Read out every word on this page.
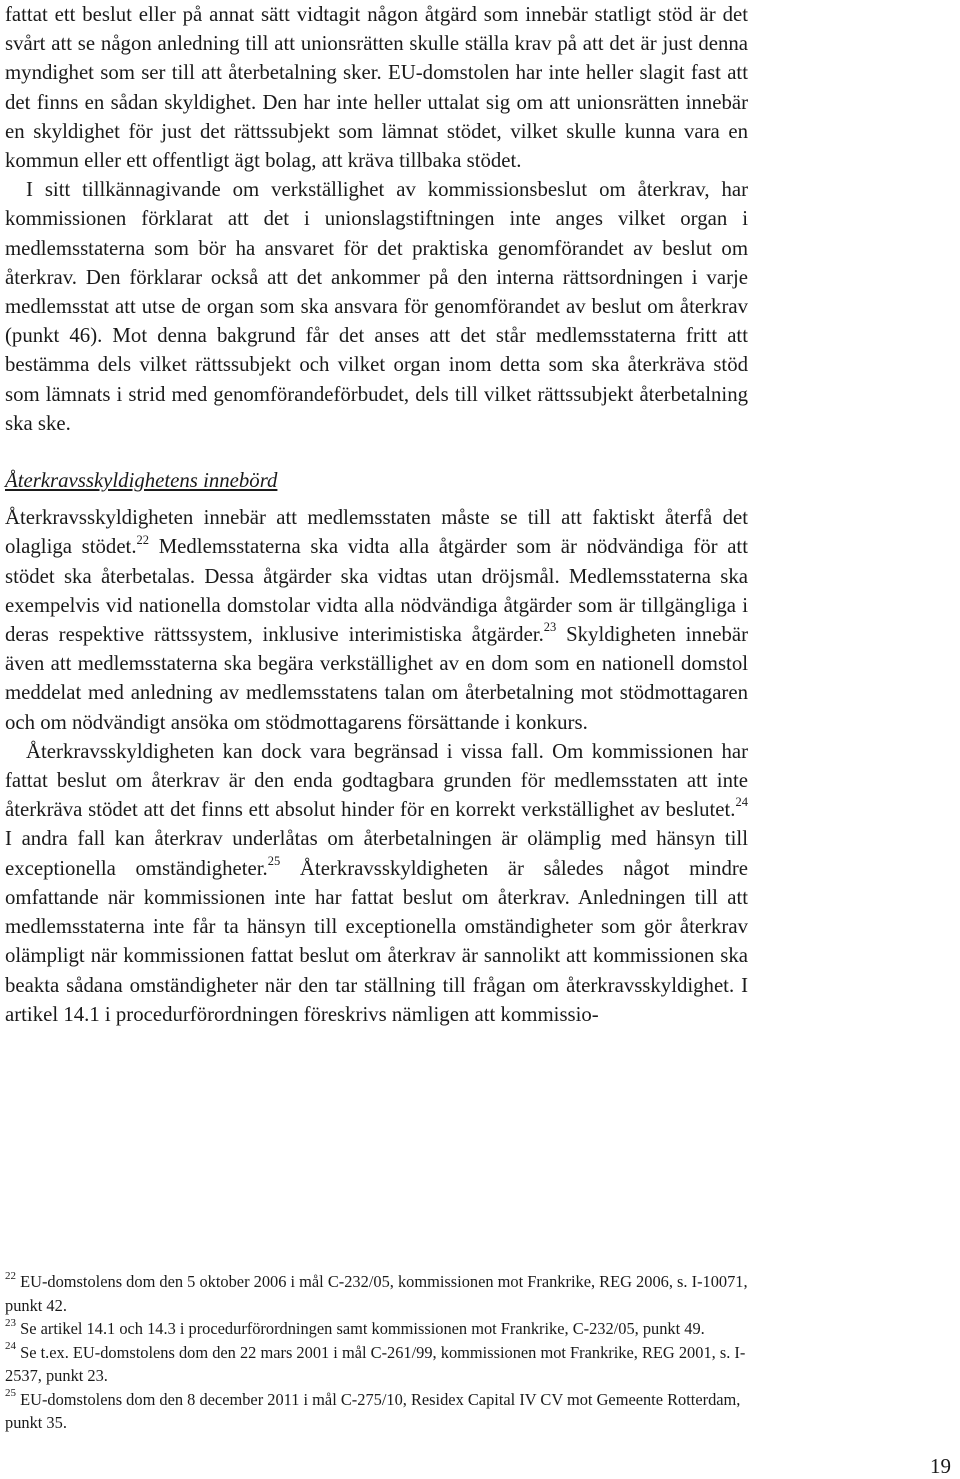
fattat ett beslut eller på annat sätt vidtagit någon åtgärd som innebär statligt stöd är det svårt att se någon anledning till att unionsrätten skulle ställa krav på att det är just denna myndighet som ser till att återbetalning sker. EU-domstolen har inte heller slagit fast att det finns en sådan skyldighet. Den har inte heller uttalat sig om att unionsrätten innebär en skyldighet för just det rättssubjekt som lämnat stödet, vilket skulle kunna vara en kommun eller ett offentligt ägt bolag, att kräva tillbaka stödet.

I sitt tillkännagivande om verkställighet av kommissionsbeslut om återkrav, har kommissionen förklarat att det i unionslagstiftningen inte anges vilket organ i medlemsstaterna som bör ha ansvaret för det praktiska genomförandet av beslut om återkrav. Den förklarar också att det ankommer på den interna rättsordningen i varje medlemsstat att utse de organ som ska ansvara för genomförandet av beslut om återkrav (punkt 46). Mot denna bakgrund får det anses att det står medlemsstaterna fritt att bestämma dels vilket rättssubjekt och vilket organ inom detta som ska återkräva stöd som lämnats i strid med genomförandeförbudet, dels till vilket rättssubjekt återbetalning ska ske.

Återkravsskyldighetens innebörd

Återkravsskyldigheten innebär att medlemsstaten måste se till att faktiskt återfå det olagliga stödet.$^{22}$ Medlemsstaterna ska vidta alla åtgärder som är nödvändiga för att stödet ska återbetalas. Dessa åtgärder ska vidtas utan dröjsmål. Medlemsstaterna ska exempelvis vid nationella domstolar vidta alla nödvändiga åtgärder som är tillgängliga i deras respektive rättssystem, inklusive interimistiska åtgärder.$^{23}$ Skyldigheten innebär även att medlemsstaterna ska begära verkställighet av en dom som en nationell domstol meddelat med anledning av medlemsstatens talan om återbetalning mot stödmottagaren och om nödvändigt ansöka om stödmottagarens försättande i konkurs.

Återkravsskyldigheten kan dock vara begränsad i vissa fall. Om kommissionen har fattat beslut om återkrav är den enda godtagbara grunden för medlemsstaten att inte återkräva stödet att det finns ett absolut hinder för en korrekt verkställighet av beslutet.$^{24}$ I andra fall kan återkrav underlåtas om återbetalningen är olämplig med hänsyn till exceptionella omständigheter.$^{25}$ Återkravsskyldigheten är således något mindre omfattande när kommissionen inte har fattat beslut om återkrav. Anledningen till att medlemsstaterna inte får ta hänsyn till exceptionella omständigheter som gör återkrav olämpligt när kommissionen fattat beslut om återkrav är sannolikt att kommissionen ska beakta sådana omständigheter när den tar ställning till frågan om återkravsskyldighet. I artikel 14.1 i procedurförordningen föreskrivs nämligen att kommissio-

$^{22}$ EU-domstolens dom den 5 oktober 2006 i mål C-232/05, kommissionen mot Frankrike, REG 2006, s. I-10071, punkt 42.

$^{23}$ Se artikel 14.1 och 14.3 i procedurförordningen samt kommissionen mot Frankrike, C-232/05, punkt 49.

$^{24}$ Se t.ex. EU-domstolens dom den 22 mars 2001 i mål C-261/99, kommissionen mot Frankrike, REG 2001, s. I-2537, punkt 23.

$^{25}$ EU-domstolens dom den 8 december 2011 i mål C-275/10, Residex Capital IV CV mot Gemeente Rotterdam, punkt 35.

19
